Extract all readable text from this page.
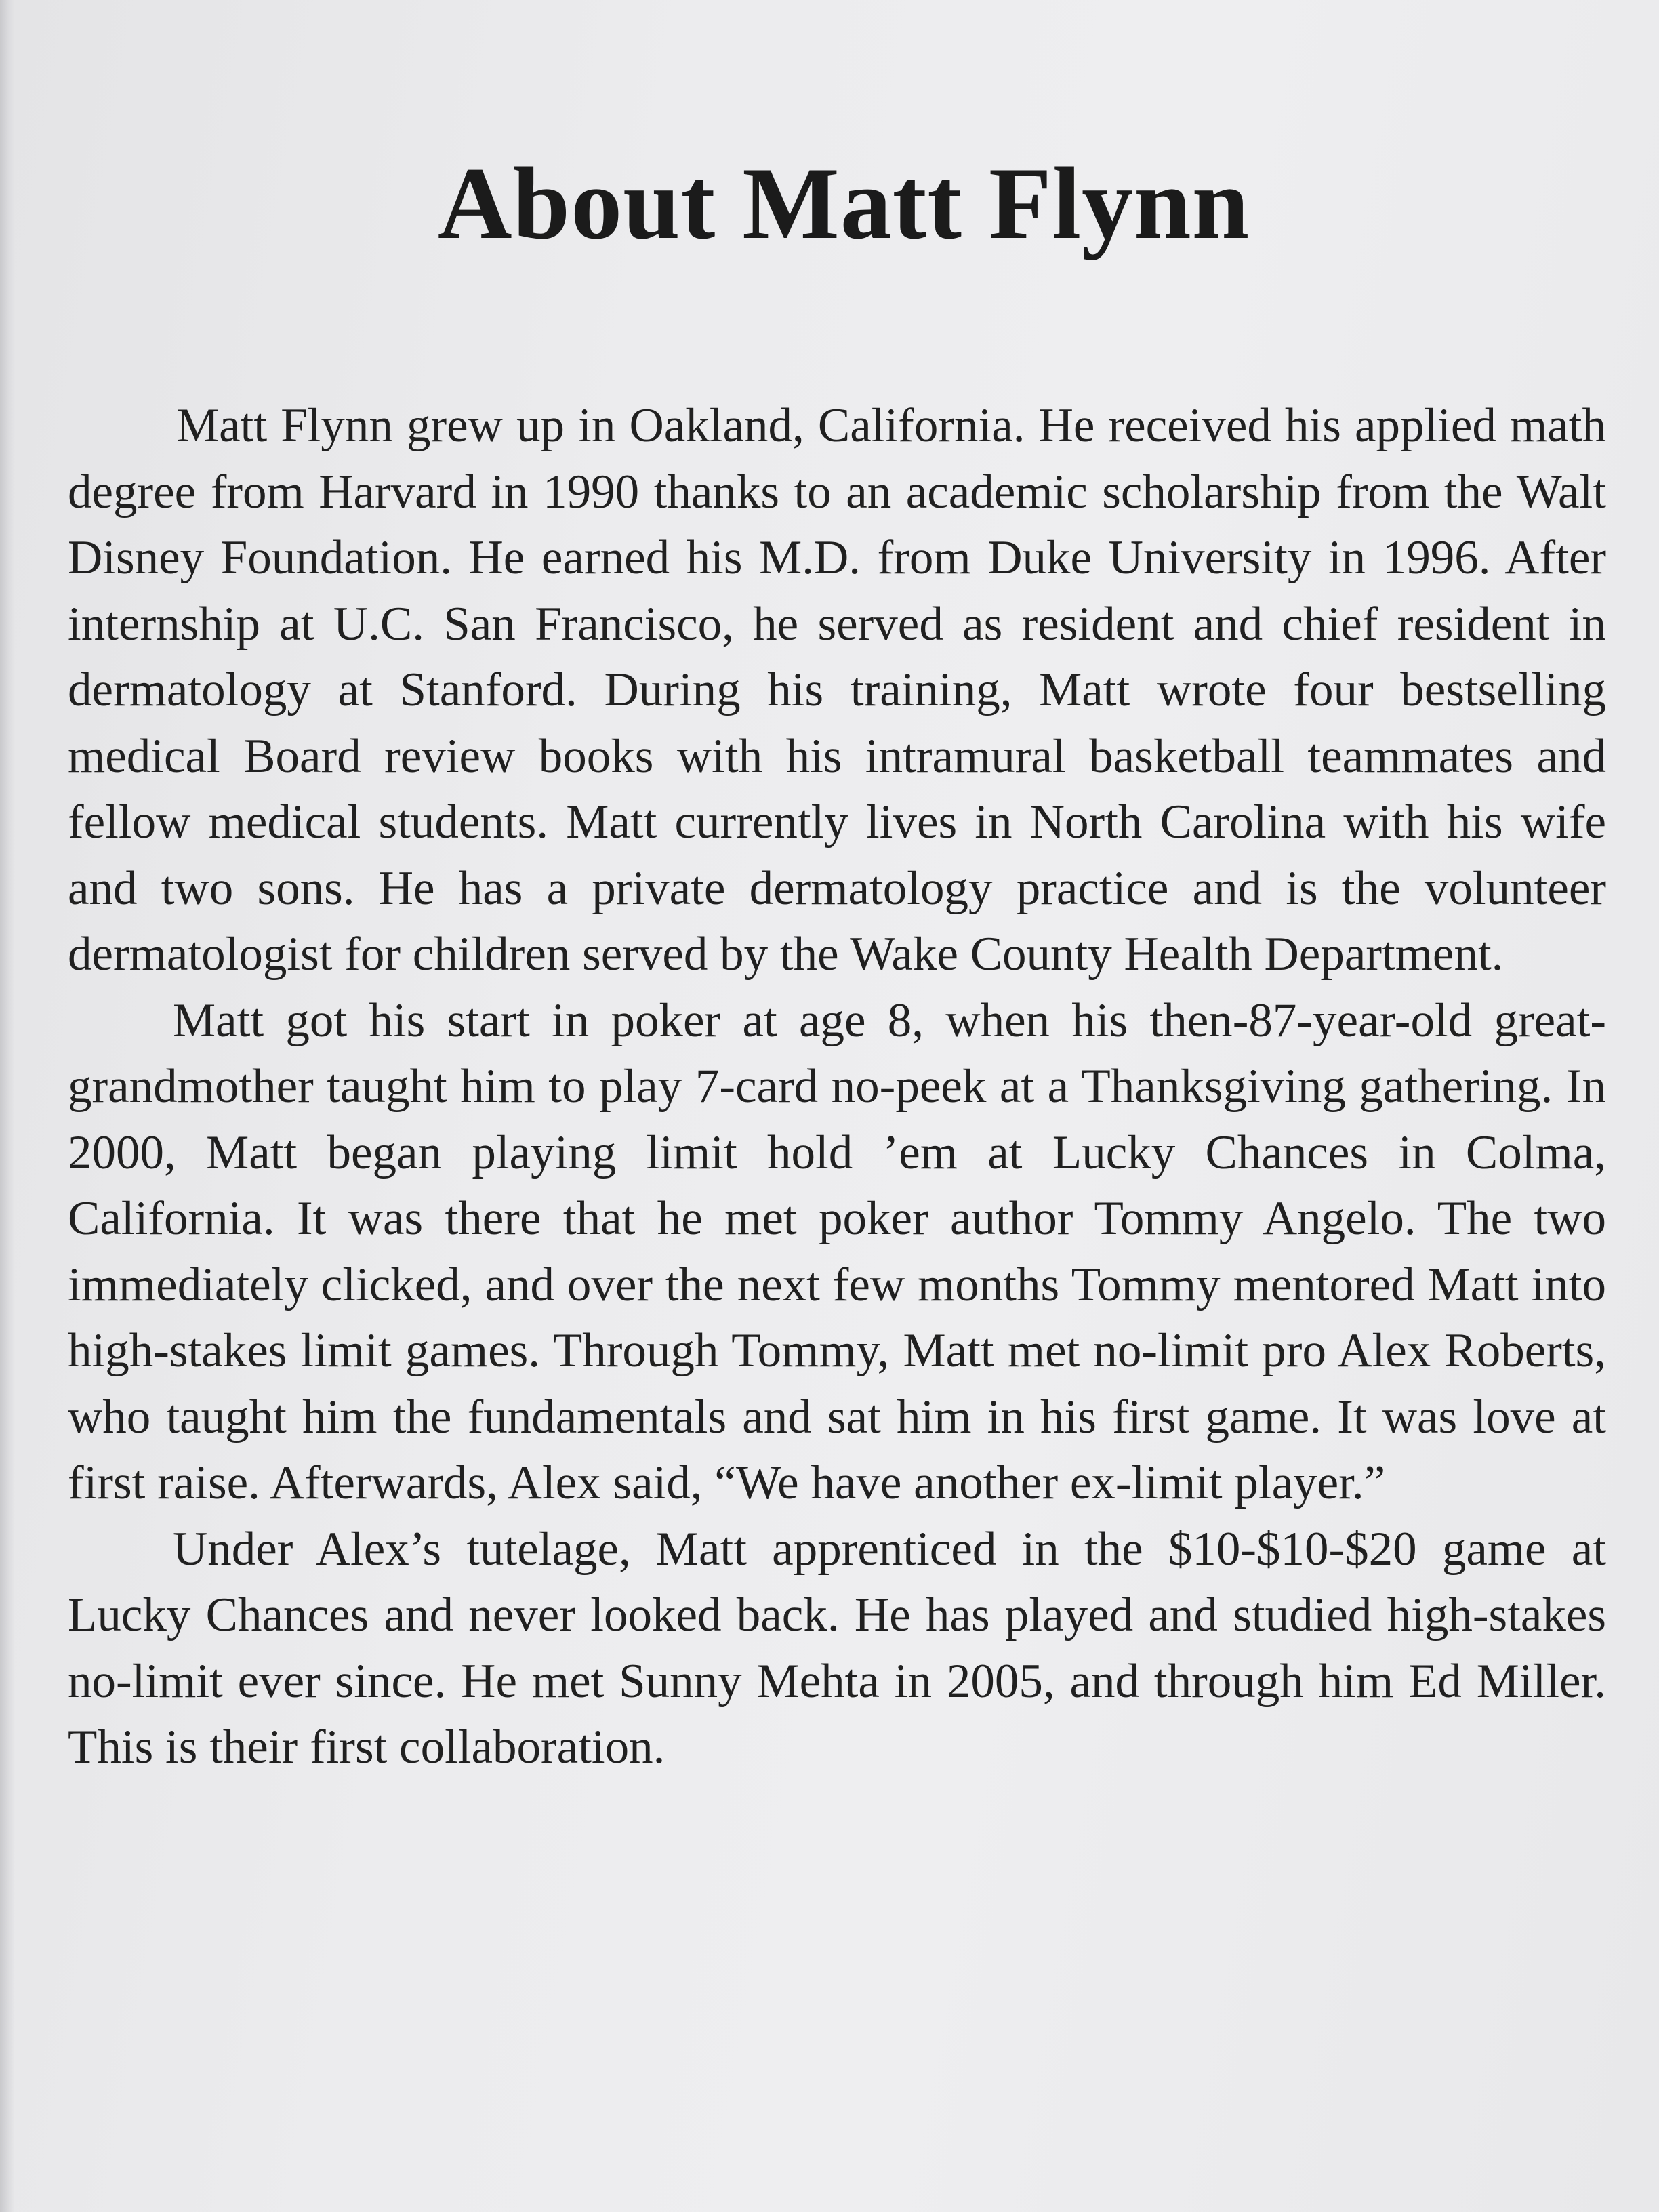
About Matt Flynn

Matt Flynn grew up in Oakland, California. He received his applied math degree from Harvard in 1990 thanks to an academic scholarship from the Walt Disney Foundation. He earned his M.D. from Duke University in 1996. After internship at U.C. San Francisco, he served as resident and chief resident in dermatology at Stanford. During his training, Matt wrote four bestselling medical Board review books with his intramural basketball teammates and fellow medical students. Matt currently lives in North Carolina with his wife and two sons. He has a private dermatology practice and is the volunteer dermatologist for children served by the Wake County Health Department.

Matt got his start in poker at age 8, when his then-87-year-old great-grandmother taught him to play 7-card no-peek at a Thanksgiving gathering. In 2000, Matt began playing limit hold ’em at Lucky Chances in Colma, California. It was there that he met poker author Tommy Angelo. The two immediately clicked, and over the next few months Tommy mentored Matt into high-stakes limit games. Through Tommy, Matt met no-limit pro Alex Roberts, who taught him the fundamentals and sat him in his first game. It was love at first raise. Afterwards, Alex said, “We have another ex-limit player.”

Under Alex’s tutelage, Matt apprenticed in the $10-$10-$20 game at Lucky Chances and never looked back. He has played and studied high-stakes no-limit ever since. He met Sunny Mehta in 2005, and through him Ed Miller. This is their first collaboration.
